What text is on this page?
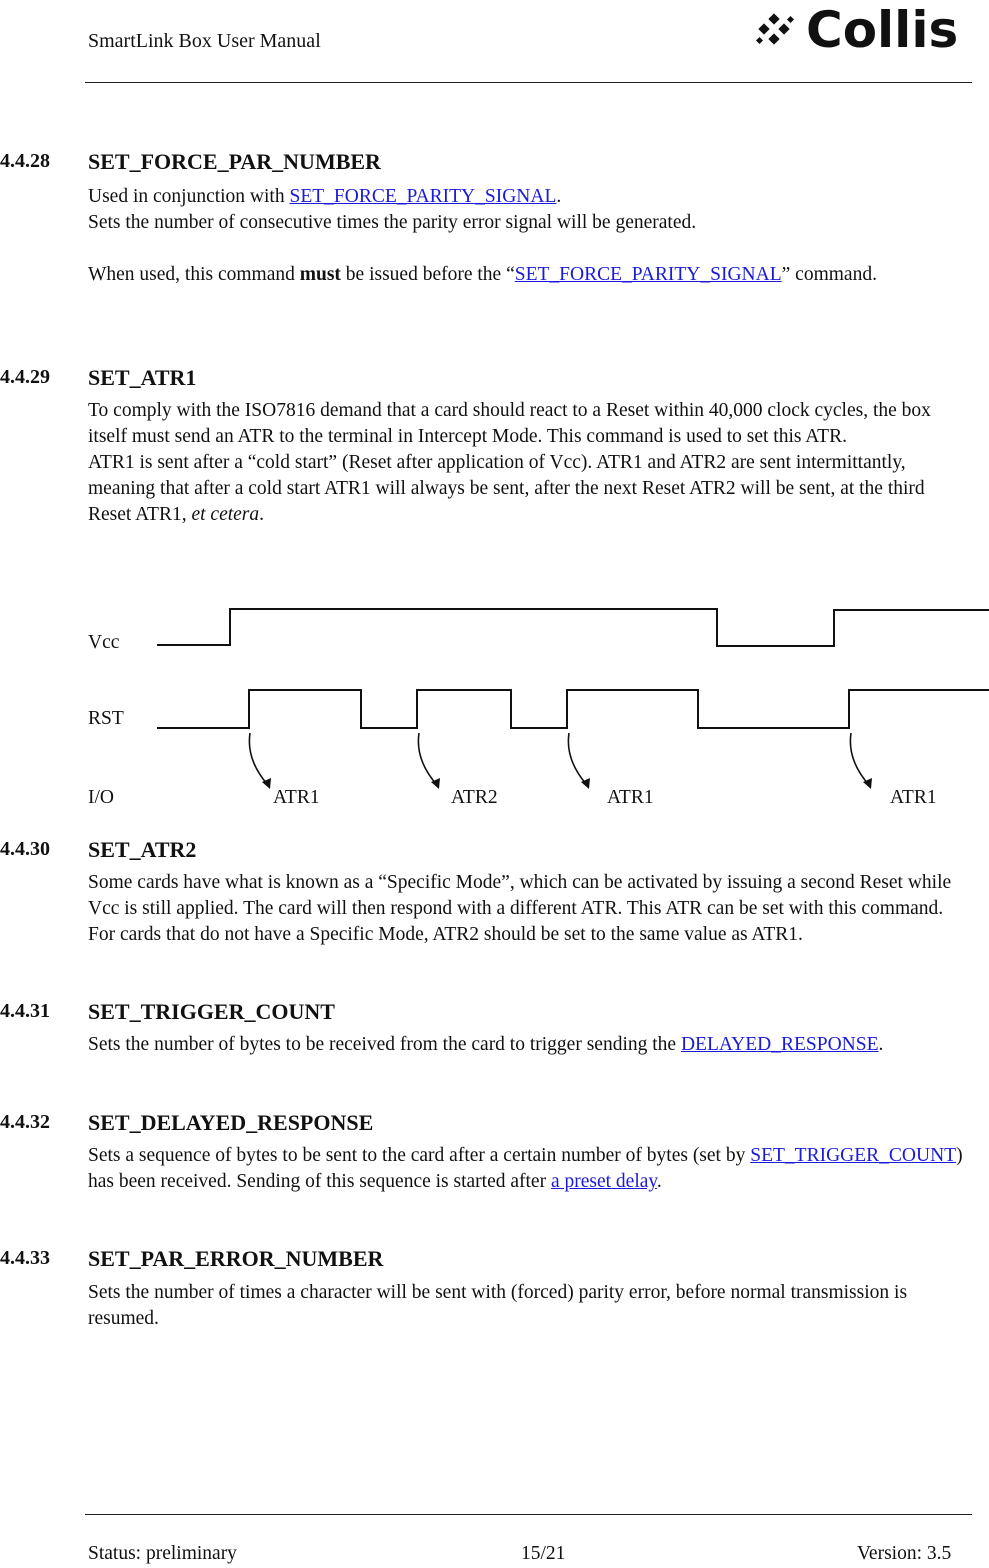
SmartLink Box User Manual	Collis
4.4.28 SET_FORCE_PAR_NUMBER
Used in conjunction with SET_FORCE_PARITY_SIGNAL.
Sets the number of consecutive times the parity error signal will be generated.
When used, this command must be issued before the “SET_FORCE_PARITY_SIGNAL” command.
4.4.29 SET_ATR1
To comply with the ISO7816 demand that a card should react to a Reset within 40,000 clock cycles, the box itself must send an ATR to the terminal in Intercept Mode. This command is used to set this ATR.
ATR1 is sent after a “cold start” (Reset after application of Vcc). ATR1 and ATR2 are sent intermittantly, meaning that after a cold start ATR1 will always be sent, after the next Reset ATR2 will be sent, at the third Reset ATR1, et cetera.
Vcc
RST
I/O	ATR1	ATR2	ATR1	ATR1
4.4.30 SET_ATR2
Some cards have what is known as a “Specific Mode”, which can be activated by issuing a second Reset while Vcc is still applied. The card will then respond with a different ATR. This ATR can be set with this command.
For cards that do not have a Specific Mode, ATR2 should be set to the same value as ATR1.
4.4.31 SET_TRIGGER_COUNT
Sets the number of bytes to be received from the card to trigger sending the DELAYED_RESPONSE.
4.4.32 SET_DELAYED_RESPONSE
Sets a sequence of bytes to be sent to the card after a certain number of bytes (set by SET_TRIGGER_COUNT) has been received. Sending of this sequence is started after a preset delay.
4.4.33 SET_PAR_ERROR_NUMBER
Sets the number of times a character will be sent with (forced) parity error, before normal transmission is resumed.
Status: preliminary	15/21	Version: 3.5
